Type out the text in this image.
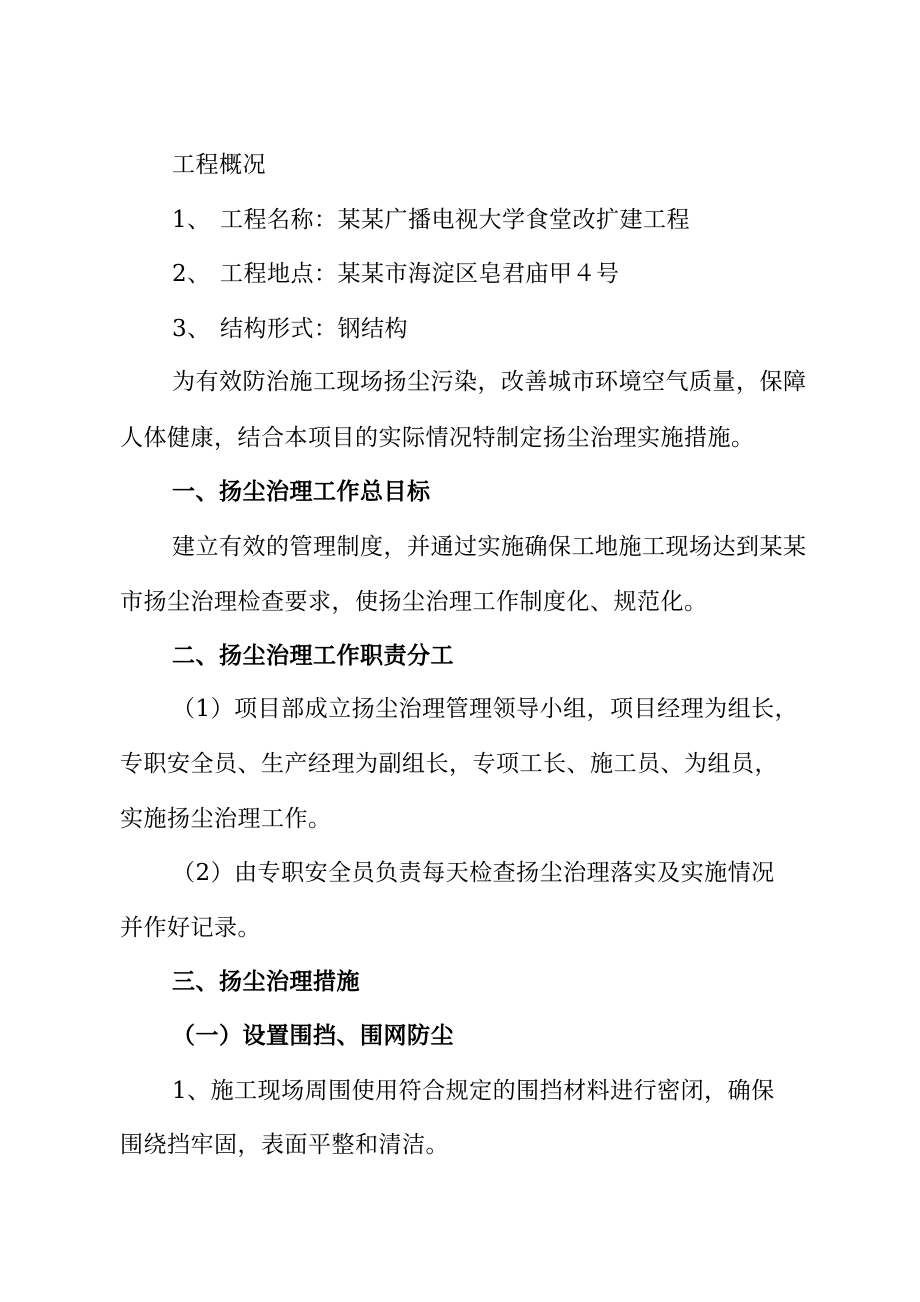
工程概况
1、 工程名称：某某广播电视大学食堂改扩建工程
2、 工程地点：某某市海淀区皂君庙甲４号
3、 结构形式：钢结构
为有效防治施工现场扬尘污染，改善城市环境空气质量，保障
人体健康，结合本项目的实际情况特制定扬尘治理实施措施。
一、扬尘治理工作总目标
建立有效的管理制度，并通过实施确保工地施工现场达到某某
市扬尘治理检查要求，使扬尘治理工作制度化、规范化。
二、扬尘治理工作职责分工
（1）项目部成立扬尘治理管理领导小组，项目经理为组长，
专职安全员、生产经理为副组长，专项工长、施工员、为组员，
实施扬尘治理工作。
（2）由专职安全员负责每天检查扬尘治理落实及实施情况
并作好记录。
三、扬尘治理措施
（一）设置围挡、围网防尘
1、施工现场周围使用符合规定的围挡材料进行密闭，确保
围绕挡牢固，表面平整和清洁。
